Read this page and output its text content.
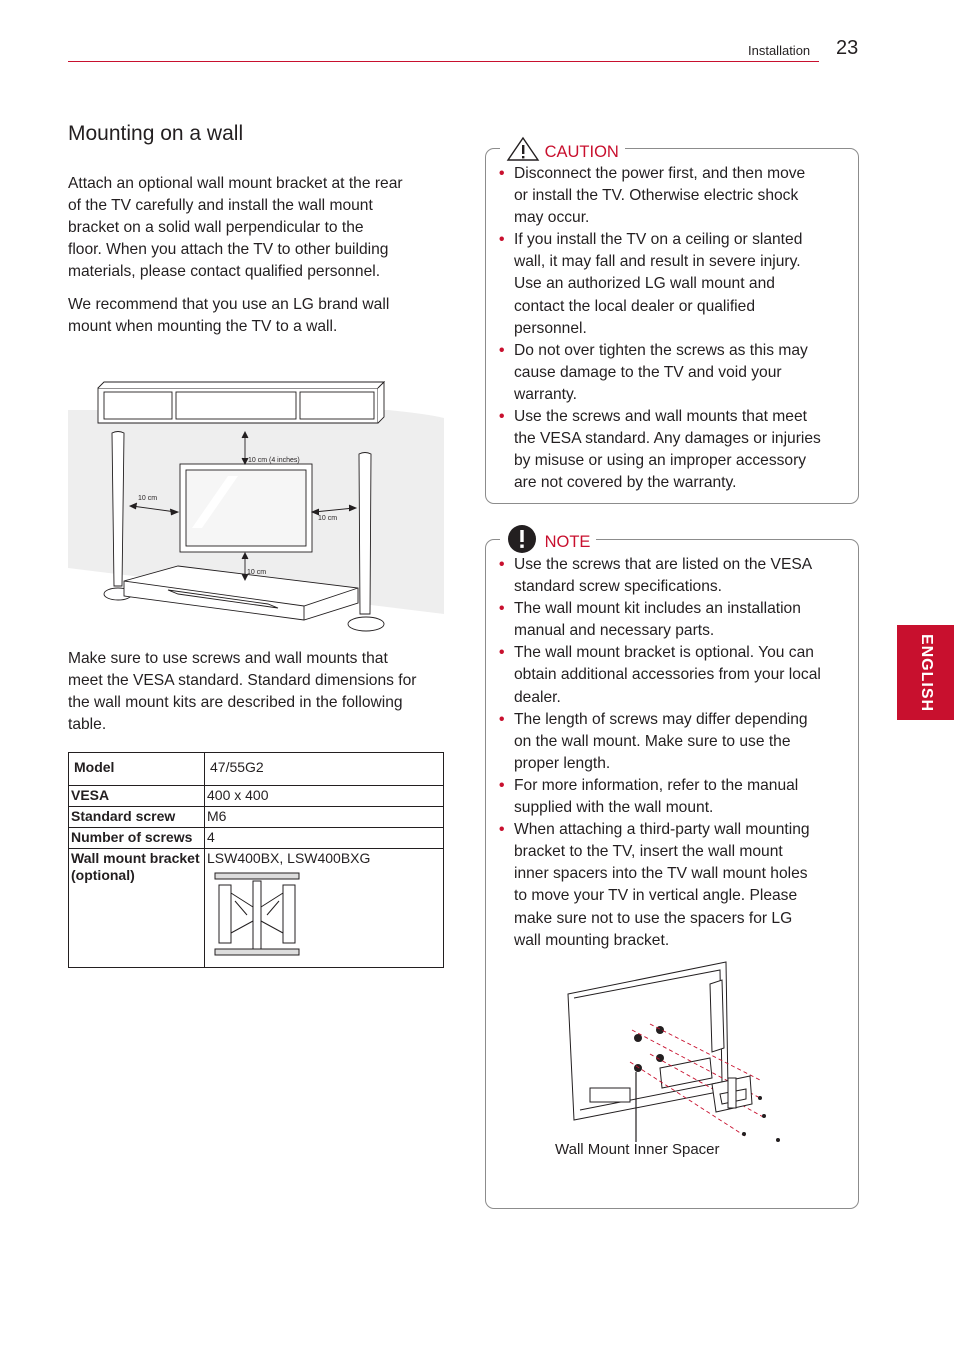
Installation 23
ENGLISH
Mounting on a wall
Attach an optional wall mount bracket at the rear
of the TV carefully and install the wall mount
bracket on a solid wall perpendicular to the
floor. When you attach the TV to other building
materials, please contact qualified personnel.
We recommend that you use an LG brand wall
mount when mounting the TV to a wall.
10 cm (4 inches)
10 cm
10 cm
10 cm
Make sure to use screws and wall mounts that
meet the VESA standard. Standard dimensions for
the wall mount kits are described in the following
table.
Model	47/55G2
VESA	400 x 400
Standard screw	M6
Number of screws	4

Wall mount bracket
(optional)	LSW400BX, LSW400BXG
CAUTION
• Disconnect the power first, and then move
or install the TV. Otherwise electric shock
may occur.
• If you install the TV on a ceiling or slanted
wall, it may fall and result in severe injury.
Use an authorized LG wall mount and
contact the local dealer or qualified
personnel.
• Do not over tighten the screws as this may
cause damage to the TV and void your
warranty.
• Use the screws and wall mounts that meet
the VESA standard. Any damages or injuries
by misuse or using an improper accessory
are not covered by the warranty.
NOTE
• Use the screws that are listed on the VESA
standard screw specifications.
• The wall mount kit includes an installation
manual and necessary parts.
• The wall mount bracket is optional. You can
obtain additional accessories from your local
dealer.
• The length of screws may differ depending
on the wall mount. Make sure to use the
proper length.
• For more information, refer to the manual
supplied with the wall mount.
• When attaching a third-party wall mounting
bracket to the TV, insert the wall mount
inner spacers into the TV wall mount holes
to move your TV in vertical angle. Please
make sure not to use the spacers for LG
wall mounting bracket.
Wall Mount Inner Spacer
